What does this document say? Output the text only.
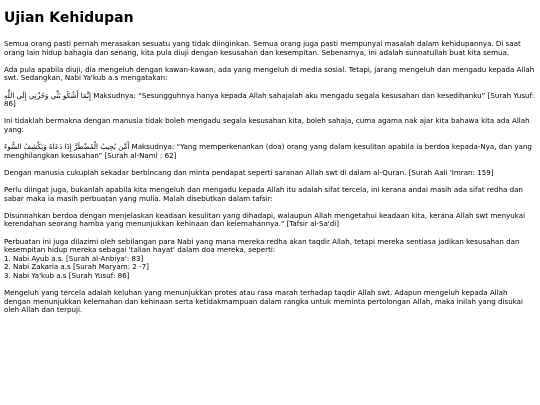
Ujian Kehidupan

Semua orang pasti pernah merasakan sesuatu yang tidak diinginkan. Semua orang juga pasti mempunyai masalah dalam kehidupannya. Di saat orang lain hidup bahagia dan senang, kita pula diuji dengan kesusahan dan kesempitan. Sebenarnya, ini adalah sunnatullah buat kita semua.

Ada pula apabila diuji, dia mengeluh dengan kawan-kawan, ada yang mengeluh di media sosial. Tetapi, jarang mengeluh dan mengadu kepada Allah swt. Sedangkan, Nabi Ya'kub a.s mengatakan:

إِنَّمَا أَشْكُو بَثِّي وَحُزْنِي إِلَى اللَّهِ Maksudnya: “Sesungguhnya hanya kepada Allah sahajalah aku mengadu segala kesusahan dan kesedihanku” [Surah Yusuf: 86]

Ini tidaklah bermakna dengan manusia tidak boleh mengadu segala kesusahan kita, boleh sahaja, cuma agama nak ajar kita bahawa kita ada Allah yang:

أَمَّن يُجِيبُ الْمُضْطَرَّ إِذَا دَعَاهُ وَيَكْشِفُ السُّوءَ Maksudnya: “Yang memperkenankan (doa) orang yang dalam kesulitan apabila ia berdoa kepada-Nya, dan yang menghilangkan kesusahan” [Surah al-Naml : 62]

Dengan manusia cukuplah sekadar berbincang dan minta pendapat seperti saranan Allah swt di dalam al-Quran. [Surah Aali 'Imran: 159]

Perlu diingat juga, bukanlah apabila kita mengeluh dan mengadu kepada Allah itu adalah sifat tercela, ini kerana andai masih ada sifat redha dan sabar maka ia masih perbuatan yang mulia. Malah disebutkan dalam tafsir:

Disunnahkan berdoa dengan menjelaskan keadaan kesulitan yang dihadapi, walaupun Allah mengetahui keadaan kita, kerana Allah swt menyukai kerendahan seorang hamba yang menunjukkan kehinaan dan kelemahannya." [Tafsir al-Sa'di]

Perbuatan ini juga dilazimi oleh sebilangan para Nabi yang mana mereka redha akan taqdir Allah, tetapi mereka sentiasa jadikan kesusahan dan kesempitan hidup mereka sebagai 'talian hayat' dalam doa mereka, seperti:
1. Nabi Ayub a.s. [Surah al-Anbiya': 83]
2. Nabi Zakaria a.s [Surah Maryam: 2 -7]
3. Nabi Ya'kub a.s [Surah Yusuf: 86]

Mengeluh yang tercela adalah keluhan yang menunjukkan protes atau rasa marah terhadap taqdir Allah swt. Adapun mengeluh kepada Allah dengan menunjukkan kelemahan dan kehinaan serta ketidakmampuan dalam rangka untuk meminta pertolongan Allah, maka inilah yang disukai oleh Allah dan terpuji.
